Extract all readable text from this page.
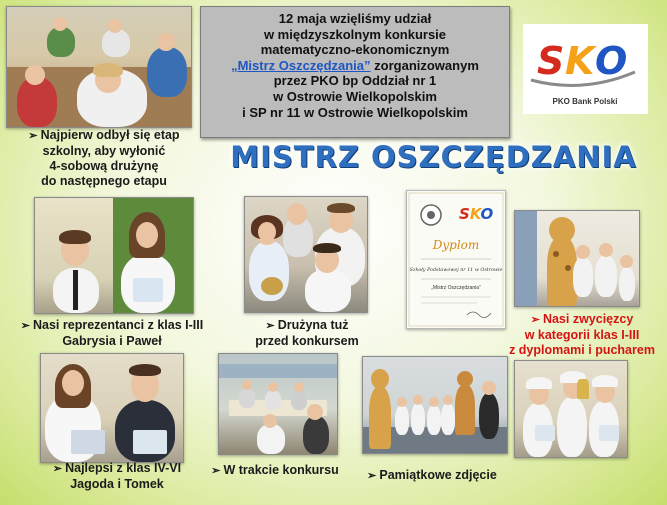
12 maja wzięliśmy udział
w międzyszkolnym konkursie
matematyczno-ekonomicznym
„Mistrz Oszczędzania” zorganizowanym
przez PKO bp Oddział nr 1
w Ostrowie Wielkopolskim
i SP nr 11 w Ostrowie Wielkopolskim
S K O
PKO Bank Polski
➢ Najpierw odbył się etap
szkolny, aby wyłonić
4-sobową drużynę
do następnego etapu
MISTRZ OSZCZĘDZANIA
➢ Nasi reprezentanci z klas I-III
Gabrysia i Paweł
➢ Drużyna tuż
przed konkursem
SKO
Dyplom
Szkoły Podstawowej nr 11 w Ostrowie
„Mistrz Oszczędzania”
➢ Nasi zwycięzcy
w kategorii klas I-III
z dyplomami i pucharem
➢ Najlepsi z klas IV-VI
Jagoda i Tomek
➢ W trakcie konkursu	➢ Pamiątkowe zdjęcie
